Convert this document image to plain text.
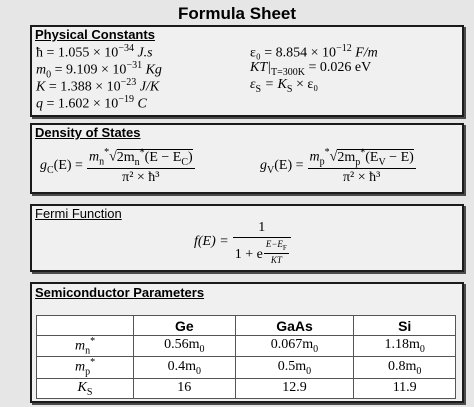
Formula Sheet
Physical Constants
ħ = $1.055 \times 10^{-34}$ J.s
$m_0 = 9.109 \times 10^{-31}$ Kg
$K = 1.388 \times 10^{-23}$ J/K
$q = 1.602 \times 10^{-19}$ C
$\varepsilon_0 = 8.854 \times 10^{-12}$ F/m
$KT|_{T=300K} = 0.026$ eV
$\varepsilon_S = K_S \times \varepsilon_0$
Density of States
$g_C(E) = \frac{m_n^*√2m_n^*(E - E_C)}{\text{π² × ħ³}}$	$g_V(E) = \frac{m_p^*√2m_p^*(E_V - E)}{\text{π² × ħ³}}$
Fermi Function
$f(E) = \frac{1}{1 + e \frac{E-E_F}{KT}}$
Semiconductor Parameters
	Ge	GaAs	Si
$m_n^*$	$0.56m_0$	$0.067m_0$	$1.18m_0$
$m_p^*$	$0.4m_0$	$0.5m_0$	$0.8m_0$
$K_S$	16	12.9	11.9
